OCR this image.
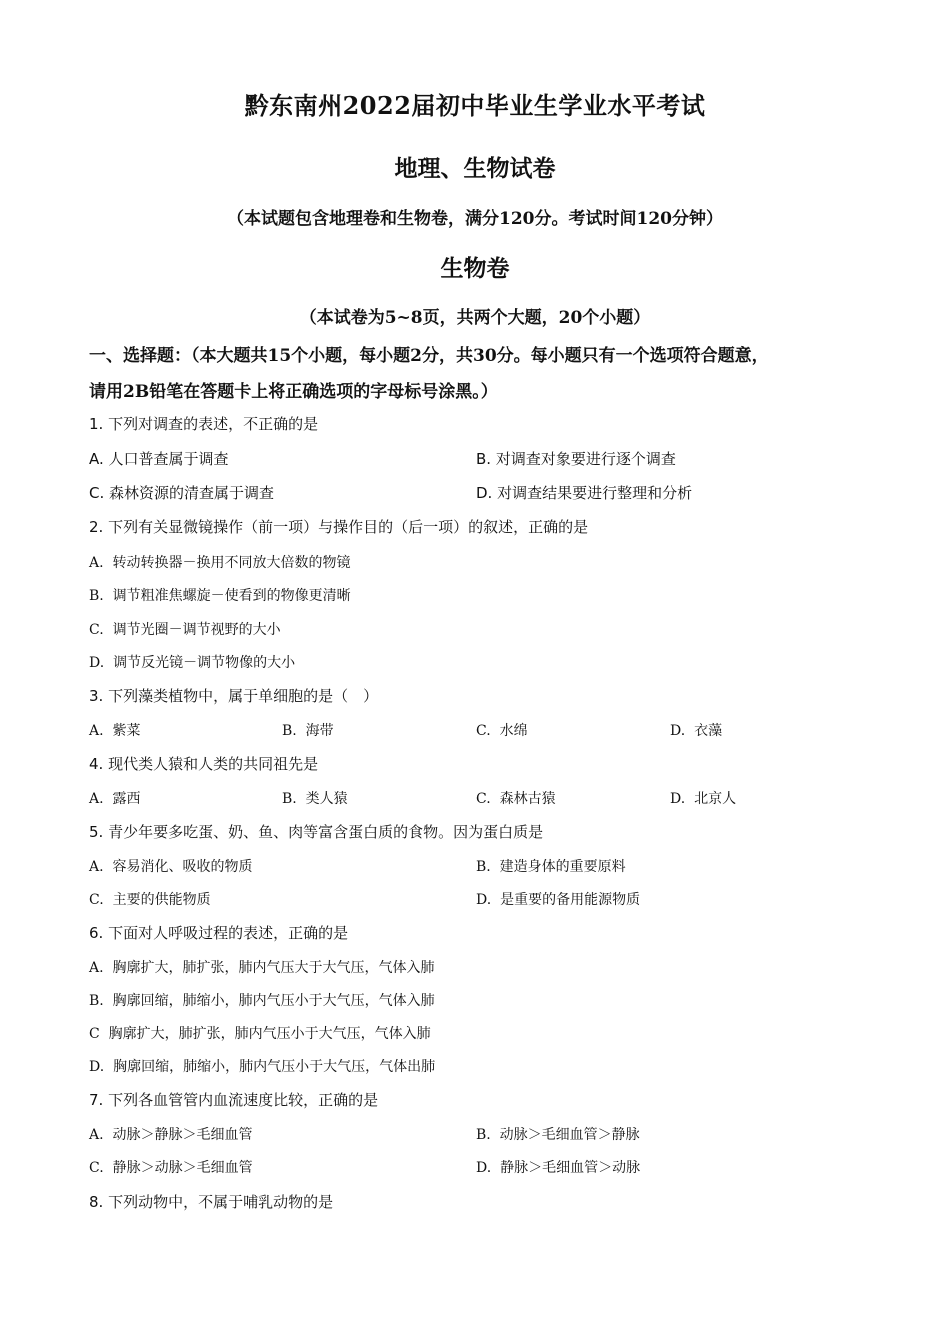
黔东南州2022届初中毕业生学业水平考试
地理、生物试卷
（本试题包含地理卷和生物卷，满分120分。考试时间120分钟）
生物卷
（本试卷为5~8页，共两个大题，20个小题）
一、选择题：（本大题共15个小题，每小题2分，共30分。每小题只有一个选项符合题意，
请用2B铅笔在答题卡上将正确选项的字母标号涂黑。）
1. 下列对调查的表述，不正确的是
A. 人口普查属于调查	B. 对调查对象要进行逐个调查
C. 森林资源的清查属于调查	D. 对调查结果要进行整理和分析
2. 下列有关显微镜操作（前一项）与操作目的（后一项）的叙述，正确的是
A. 转动转换器－换用不同放大倍数的物镜
B. 调节粗准焦螺旋－使看到的物像更清晰
C. 调节光圈－调节视野的大小
D. 调节反光镜－调节物像的大小
3. 下列藻类植物中，属于单细胞的是（　）
A. 紫菜	B. 海带	C. 水绵	D. 衣藻
4. 现代类人猿和人类的共同祖先是
A. 露西	B. 类人猿	C. 森林古猿	D. 北京人
5. 青少年要多吃蛋、奶、鱼、肉等富含蛋白质的食物。因为蛋白质是
A. 容易消化、吸收的物质	B. 建造身体的重要原料
C. 主要的供能物质	D. 是重要的备用能源物质
6. 下面对人呼吸过程的表述，正确的是
A. 胸廓扩大，肺扩张，肺内气压大于大气压，气体入肺
B. 胸廓回缩，肺缩小，肺内气压小于大气压，气体入肺
C 胸廓扩大，肺扩张，肺内气压小于大气压，气体入肺
D. 胸廓回缩，肺缩小，肺内气压小于大气压，气体出肺
7. 下列各血管管内血流速度比较，正确的是
A. 动脉＞静脉＞毛细血管	B. 动脉＞毛细血管＞静脉
C. 静脉＞动脉＞毛细血管	D. 静脉＞毛细血管＞动脉
8. 下列动物中，不属于哺乳动物的是
